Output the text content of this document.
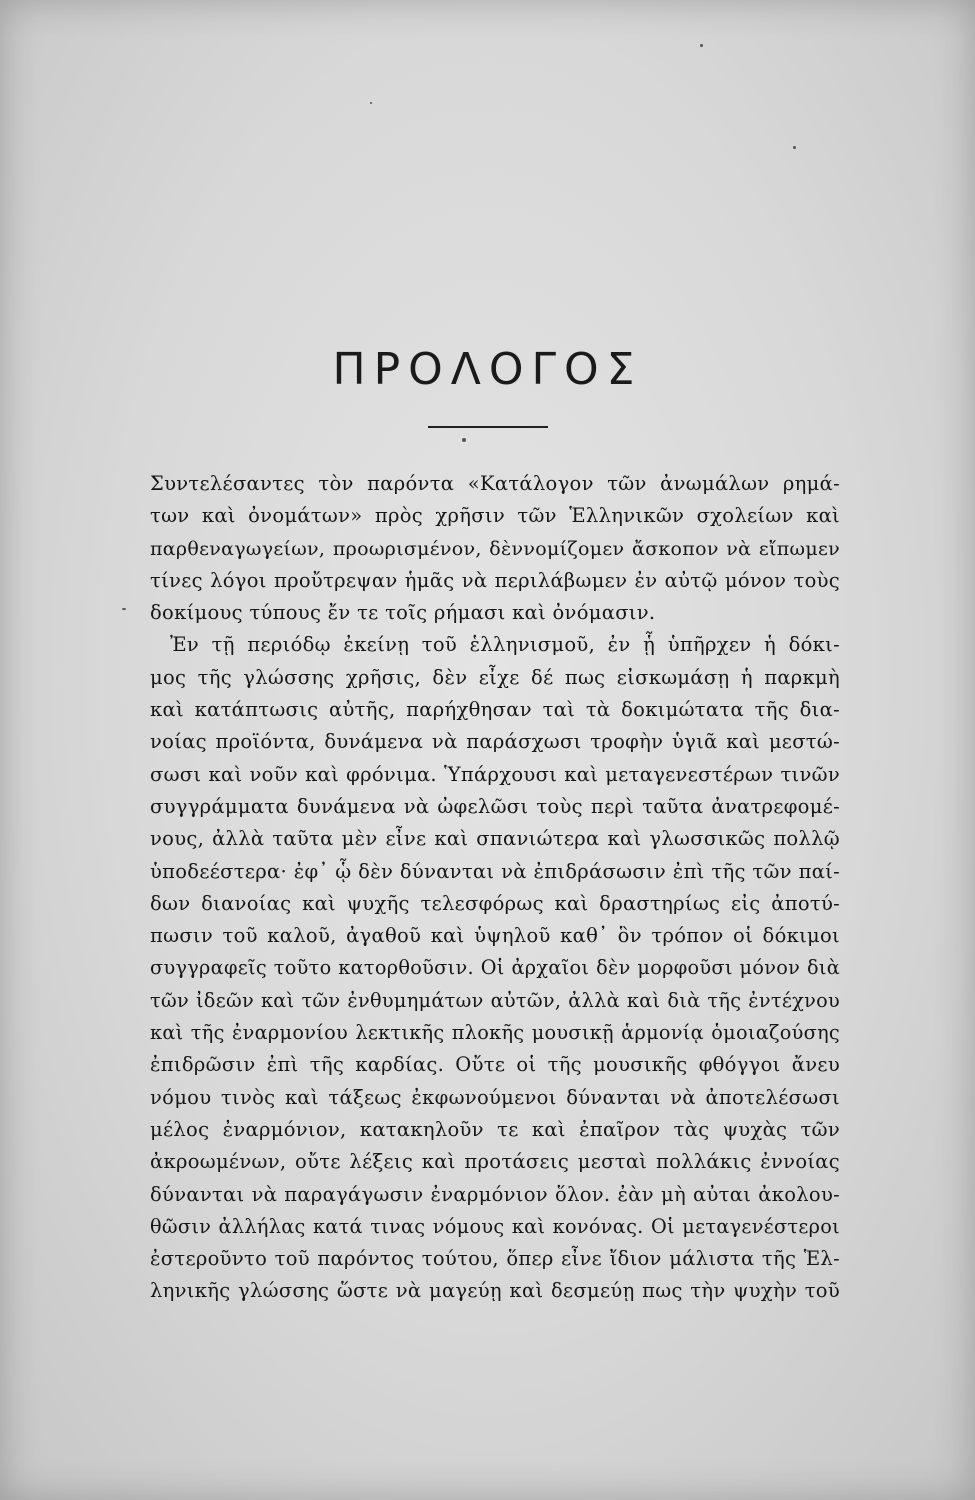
ΠΡΟΛΟΓΟΣ
Συντελέσαντες τὸν παρόντα «Κατάλογον τῶν ἀνωμάλων ρημά-
των καὶ ὀνομάτων» πρὸς χρῆσιν τῶν Ἑλληνικῶν σχολείων καὶ
παρθεναγωγείων, προωρισμένον, δὲννομίζομεν ἄσκοπον νὰ εἴπωμεν
τίνες λόγοι προὔτρεψαν ἡμᾶς νὰ περιλάβωμεν ἐν αὐτῷ μόνον τοὺς
δοκίμους τύπους ἔν τε τοῖς ρήμασι καὶ ὀνόμασιν.
Ἐν τῇ περιόδῳ ἐκείνῃ τοῦ ἑλληνισμοῦ, ἐν ᾗ ὑπῆρχεν ἡ δόκι-
μος τῆς γλώσσης χρῆσις, δὲν εἶχε δέ πως εἰσκωμάσῃ ἡ παρκμὴ
καὶ κατάπτωσις αὐτῆς, παρήχθησαν ταὶ τὰ δοκιμώτατα τῆς δια-
νοίας προϊόντα, δυνάμενα νὰ παράσχωσι τροφὴν ὑγιᾶ καὶ μεστώ-
σωσι καὶ νοῦν καὶ φρόνιμα. Ὑπάρχουσι καὶ μεταγενεστέρων τινῶν
συγγράμματα δυνάμενα νὰ ὠφελῶσι τοὺς περὶ ταῦτα ἀνατρεφομέ-
νους, ἀλλὰ ταῦτα μὲν εἶνε καὶ σπανιώτερα καὶ γλωσσικῶς πολλῷ
ὑποδεέστερα· ἐφ᾽ ᾧ δὲν δύνανται νὰ ἐπιδράσωσιν ἐπὶ τῆς τῶν παί-
δων διανοίας καὶ ψυχῆς τελεσφόρως καὶ δραστηρίως εἰς ἀποτύ-
πωσιν τοῦ καλοῦ, ἀγαθοῦ καὶ ὑψηλοῦ καθ᾽ ὃν τρόπον οἱ δόκιμοι
συγγραφεῖς τοῦτο κατορθοῦσιν. Οἱ ἀρχαῖοι δὲν μορφοῦσι μόνον διὰ
τῶν ἰδεῶν καὶ τῶν ἐνθυμημάτων αὐτῶν, ἀλλὰ καὶ διὰ τῆς ἐντέχνου
καὶ τῆς ἐναρμονίου λεκτικῆς πλοκῆς μουσικῇ ἁρμονίᾳ ὁμοιαζούσης
ἐπιδρῶσιν ἐπὶ τῆς καρδίας. Οὔτε οἱ τῆς μουσικῆς φθόγγοι ἄνευ
νόμου τινὸς καὶ τάξεως ἐκφωνούμενοι δύνανται νὰ ἀποτελέσωσι
μέλος ἐναρμόνιον, κατακηλοῦν τε καὶ ἐπαῖρον τὰς ψυχὰς τῶν
ἀκροωμένων, οὔτε λέξεις καὶ προτάσεις μεσταὶ πολλάκις ἐννοίας
δύνανται νὰ παραγάγωσιν ἐναρμόνιον ὅλον. ἐὰν μὴ αὐται ἀκολου-
θῶσιν ἀλλήλας κατά τινας νόμους καὶ κονόνας. Οἱ μεταγενέστεροι
ἐστεροῦντο τοῦ παρόντος τούτου, ὅπερ εἶνε ἴδιον μάλιστα τῆς Ἑλ-
ληνικῆς γλώσσης ὥστε νὰ μαγεύῃ καὶ δεσμεύῃ πως τὴν ψυχὴν τοῦ
